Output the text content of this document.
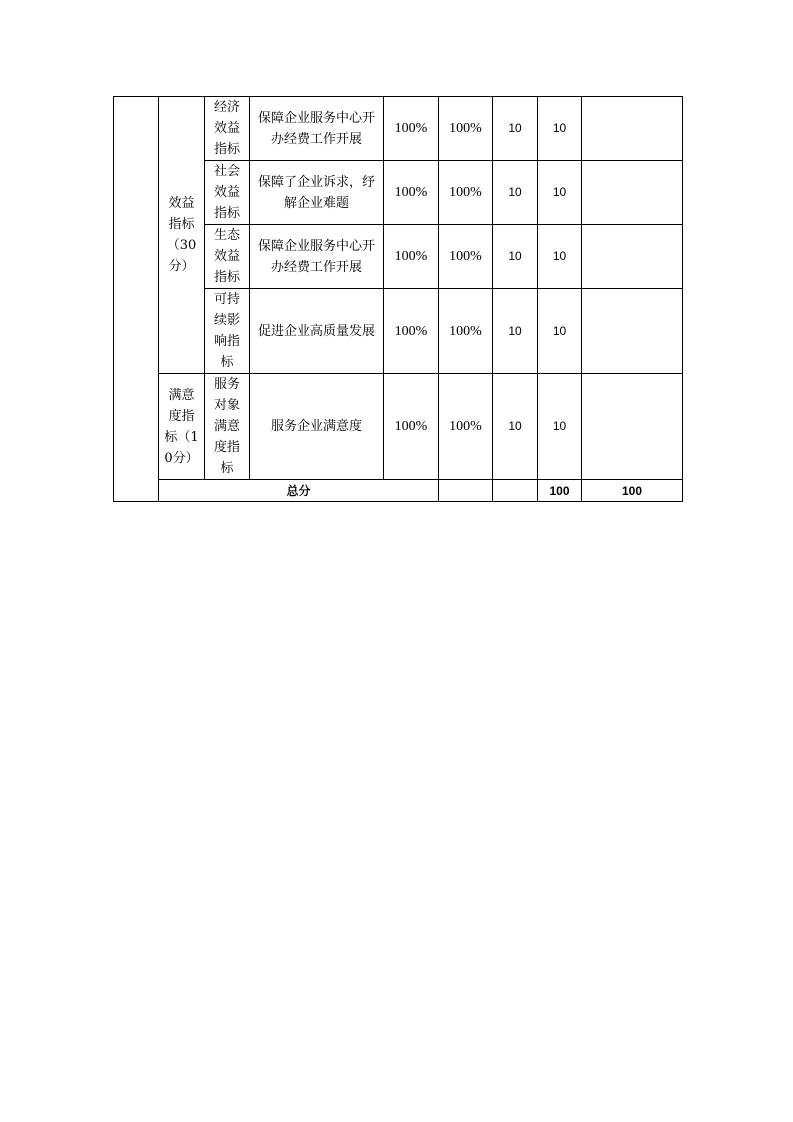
	效益指标（30分）	经济效益指标	保障企业服务中心开办经费工作开展	100%	100%	10	10		
		社会效益指标	保障了企业诉求，纾解企业难题	100%	100%	10	10		
		生态效益指标	保障企业服务中心开办经费工作开展	100%	100%	10	10		
		可持续影响指标	促进企业高质量发展	100%	100%	10	10		
	满意度指标（10分）	服务对象满意度指标	服务企业满意度	100%	100%	10	10		
	总分						100	100	
